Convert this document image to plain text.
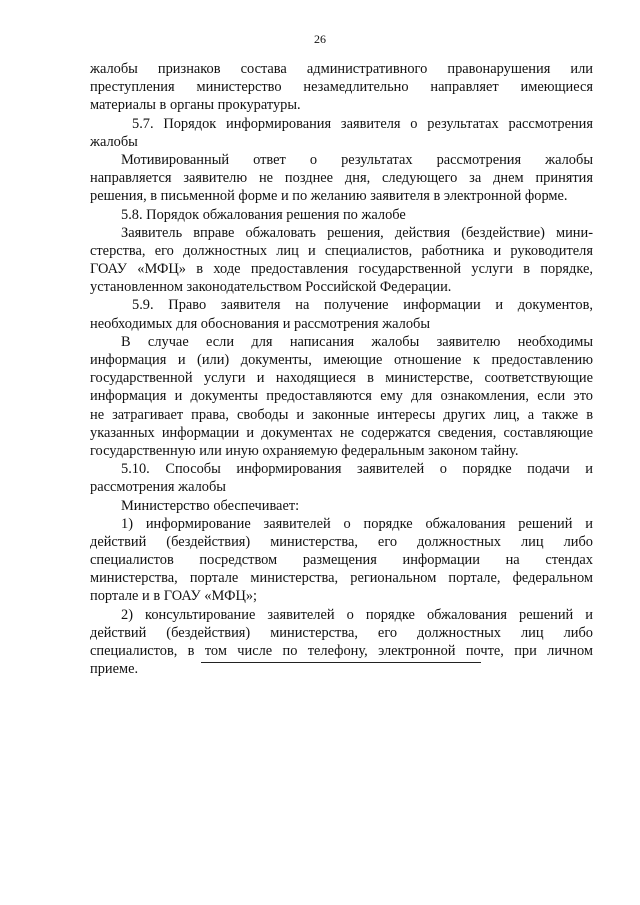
26
жалобы признаков состава административного правонарушения или
преступления министерство незамедлительно направляет имеющиеся
материалы в органы прокуратуры.
5.7. Порядок информирования заявителя о результатах рассмотрения
жалобы
Мотивированный ответ о результатах рассмотрения жалобы
направляется заявителю не позднее дня, следующего за днем принятия
решения, в письменной форме и по желанию заявителя в электронной форме.
5.8. Порядок обжалования решения по жалобе
Заявитель вправе обжаловать решения, действия (бездействие) мини-
стерства, его должностных лиц и специалистов, работника и руководителя
ГОАУ «МФЦ» в ходе предоставления государственной услуги в порядке,
установленном законодательством Российской Федерации.
5.9. Право заявителя на получение информации и документов,
необходимых для обоснования и рассмотрения жалобы
В случае если для написания жалобы заявителю необходимы
информация и (или) документы, имеющие отношение к предоставлению
государственной услуги и находящиеся в министерстве, соответствующие
информация и документы предоставляются ему для ознакомления, если это
не затрагивает права, свободы и законные интересы других лиц, а также в
указанных информации и документах не содержатся сведения, составляющие
государственную или иную охраняемую федеральным законом тайну.
5.10. Способы информирования заявителей о порядке подачи и
рассмотрения жалобы
Министерство обеспечивает:
1) информирование заявителей о порядке обжалования решений и
действий (бездействия) министерства, его должностных лиц либо
специалистов посредством размещения информации на стендах
министерства, портале министерства, региональном портале, федеральном
портале и в ГОАУ «МФЦ»;
2) консультирование заявителей о порядке обжалования решений и
действий (бездействия) министерства, его должностных лиц либо
специалистов, в том числе по телефону, электронной почте, при личном
приеме.
